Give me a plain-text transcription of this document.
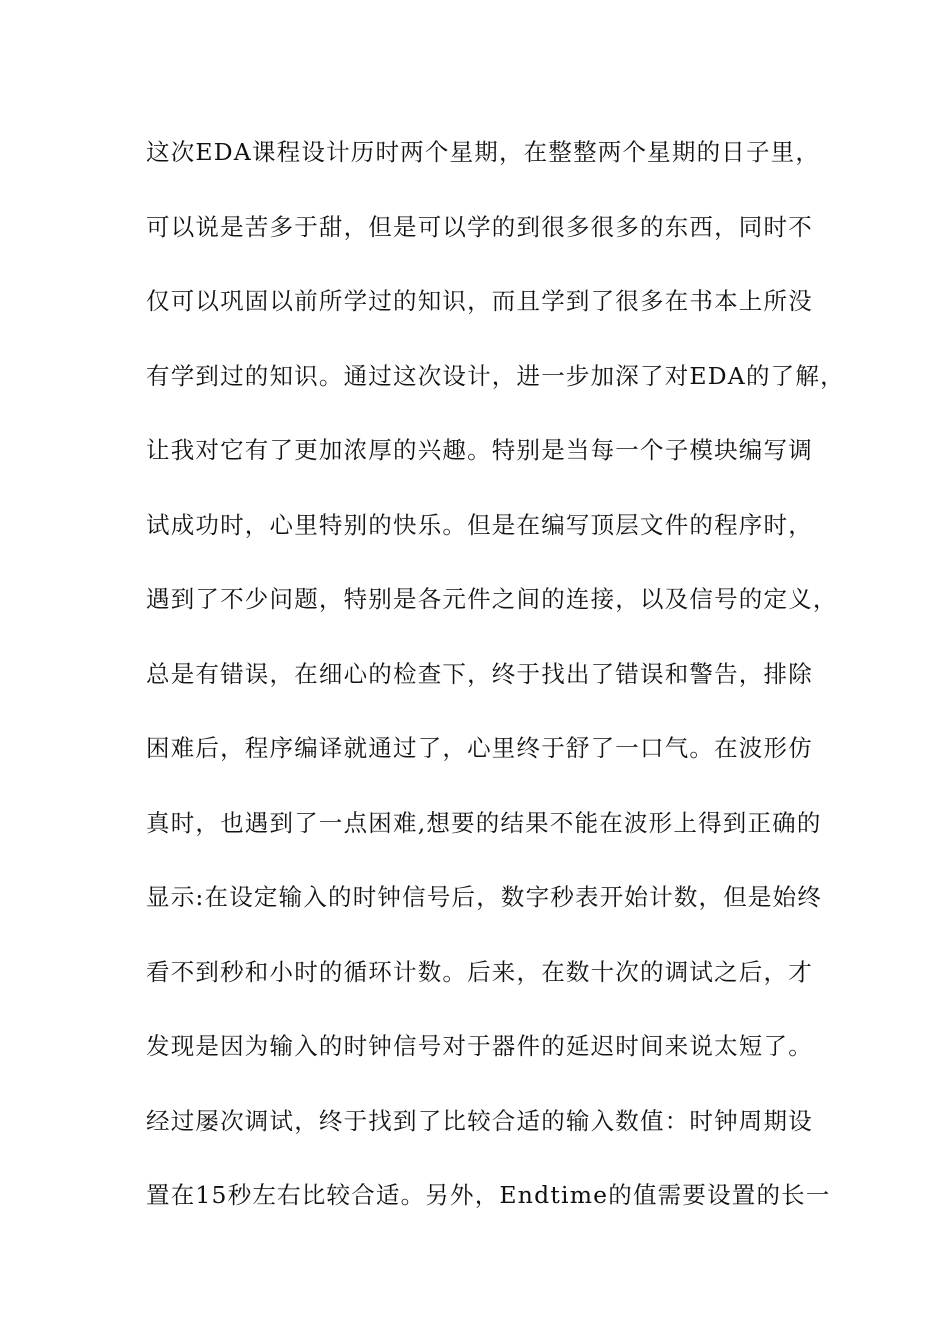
这次EDA课程设计历时两个星期，在整整两个星期的日子里，
可以说是苦多于甜，但是可以学的到很多很多的东西，同时不
仅可以巩固以前所学过的知识，而且学到了很多在书本上所没
有学到过的知识。通过这次设计，进一步加深了对EDA的了解，
让我对它有了更加浓厚的兴趣。特别是当每一个子模块编写调
试成功时，心里特别的快乐。但是在编写顶层文件的程序时，
遇到了不少问题，特别是各元件之间的连接，以及信号的定义，
总是有错误，在细心的检查下，终于找出了错误和警告，排除
困难后，程序编译就通过了，心里终于舒了一口气。在波形仿
真时，也遇到了一点困难,想要的结果不能在波形上得到正确的
显示:在设定输入的时钟信号后，数字秒表开始计数，但是始终
看不到秒和小时的循环计数。后来，在数十次的调试之后，才
发现是因为输入的时钟信号对于器件的延迟时间来说太短了。
经过屡次调试，终于找到了比较合适的输入数值：时钟周期设
置在15秒左右比较合适。另外，Endtime的值需要设置的长一
